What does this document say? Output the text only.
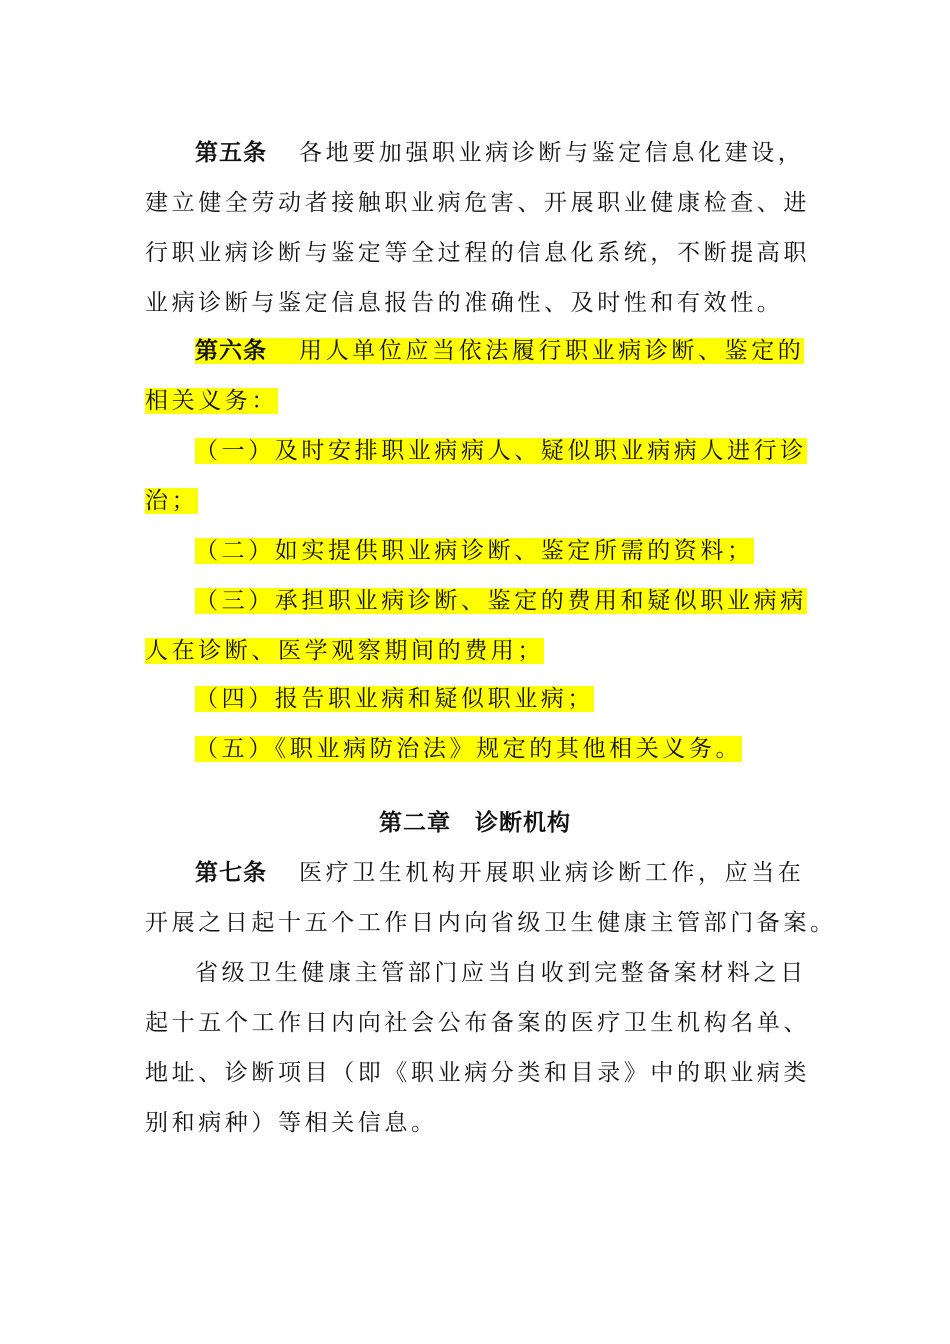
第五条 各地要加强职业病诊断与鉴定信息化建设，
建立健全劳动者接触职业病危害、开展职业健康检查、进
行职业病诊断与鉴定等全过程的信息化系统，不断提高职
业病诊断与鉴定信息报告的准确性、及时性和有效性。
第六条 用人单位应当依法履行职业病诊断、鉴定的
相关义务：
（一）及时安排职业病病人、疑似职业病病人进行诊
治；
（二）如实提供职业病诊断、鉴定所需的资料；
（三）承担职业病诊断、鉴定的费用和疑似职业病病
人在诊断、医学观察期间的费用；
（四）报告职业病和疑似职业病；
（五）《职业病防治法》规定的其他相关义务。
第二章　诊断机构
第七条 医疗卫生机构开展职业病诊断工作，应当在
开展之日起十五个工作日内向省级卫生健康主管部门备案。
省级卫生健康主管部门应当自收到完整备案材料之日
起十五个工作日内向社会公布备案的医疗卫生机构名单、
地址、诊断项目（即《职业病分类和目录》中的职业病类
别和病种）等相关信息。
